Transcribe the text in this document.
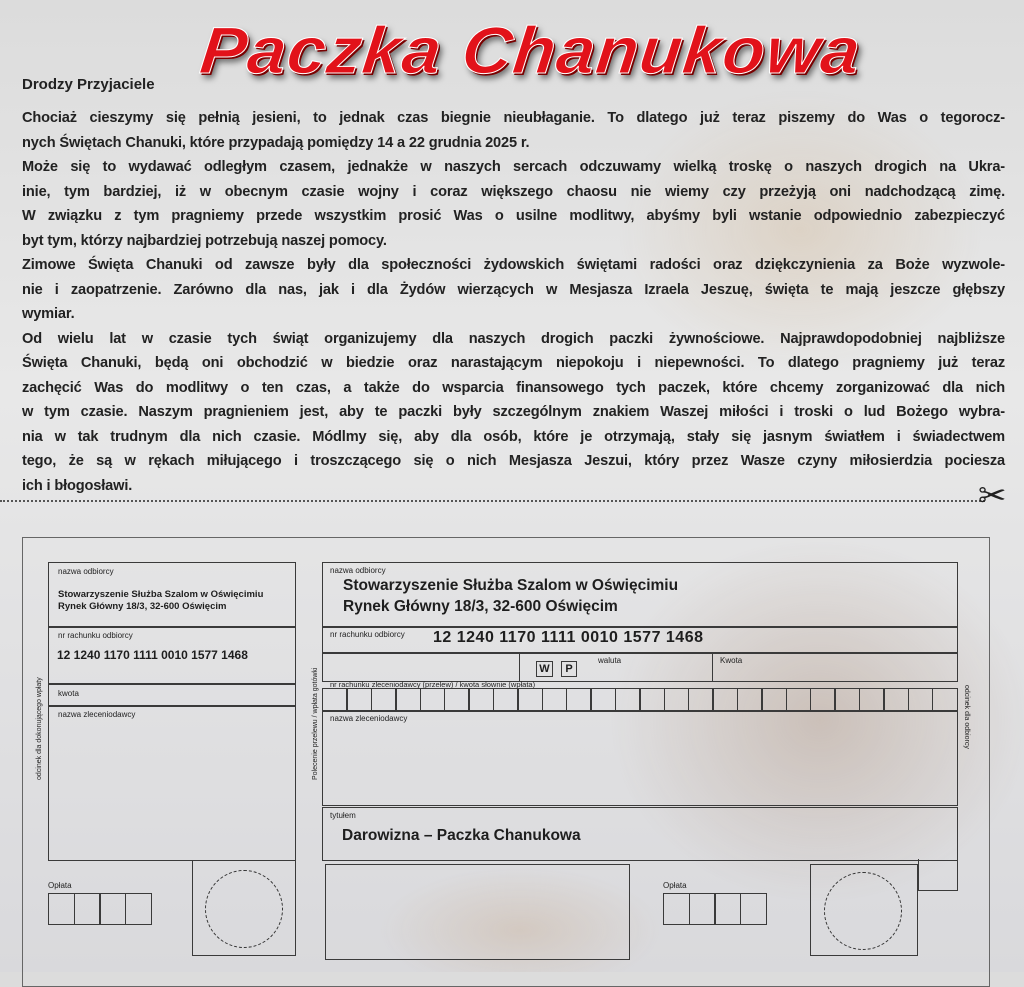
Paczka Chanukowa
Drodzy Przyjaciele
Chociaż cieszymy się pełnią jesieni, to jednak czas biegnie nieubłaganie. To dlatego już teraz piszemy do Was o tegorocz-
nych Świętach Chanuki, które przypadają pomiędzy 14 a 22 grudnia 2025 r.
Może się to wydawać odległym czasem, jednakże w naszych sercach odczuwamy wielką troskę o naszych drogich na Ukra-
inie, tym bardziej, iż w obecnym czasie wojny i coraz większego chaosu nie wiemy czy przeżyją oni nadchodzącą zimę.
W związku z tym pragniemy przede wszystkim prosić Was o usilne modlitwy, abyśmy byli wstanie odpowiednio zabezpieczyć
byt tym, którzy najbardziej potrzebują naszej pomocy.
Zimowe Święta Chanuki od zawsze były dla społeczności żydowskich świętami radości oraz dziękczynienia za Boże wyzwole-
nie i zaopatrzenie. Zarówno dla nas, jak i dla Żydów wierzących w Mesjasza Izraela Jeszuę, święta te mają jeszcze głębszy
wymiar.
Od wielu lat w czasie tych świąt organizujemy dla naszych drogich paczki żywnościowe. Najprawdopodobniej najbliższe
Święta Chanuki, będą oni obchodzić w biedzie oraz narastającym niepokoju i niepewności. To dlatego pragniemy już teraz
zachęcić Was do modlitwy o ten czas, a także do wsparcia finansowego tych paczek, które chcemy zorganizować dla nich
w tym czasie. Naszym pragnieniem jest, aby te paczki były szczególnym znakiem Waszej miłości i troski o lud Bożego wybra-
nia w tak trudnym dla nich czasie. Módlmy się, aby dla osób, które je otrzymają, stały się jasnym światłem i świadectwem
tego, że są w rękach miłującego i troszczącego się o nich Mesjasza Jeszui, który przez Wasze czyny miłosierdzia pociesza
ich i błogosławi.	✂
odcinek dla dokonującego wpłaty
nazwa odbiorcy
Stowarzyszenie Służba Szalom w Oświęcimiu
Rynek Główny 18/3, 32-600 Oświęcim
nr rachunku odbiorcy
12 1240 1170 1111 0010 1577 1468
kwota
nazwa zleceniodawcy
Opłata
Polecenie przelewu / wpłata gotówki	odcinek dla odbiorcy
nazwa odbiorcy
Stowarzyszenie Służba Szalom w Oświęcimiu
Rynek Główny 18/3, 32-600 Oświęcim
nr rachunku odbiorcy 12 1240 1170 1111 0010 1577 1468
W	P
waluta	Kwota
nr rachunku zleceniodawcy (przelew) / kwota słownie (wpłata)
nazwa zleceniodawcy
tytułem
Darowizna – Paczka Chanukowa
Opłata
